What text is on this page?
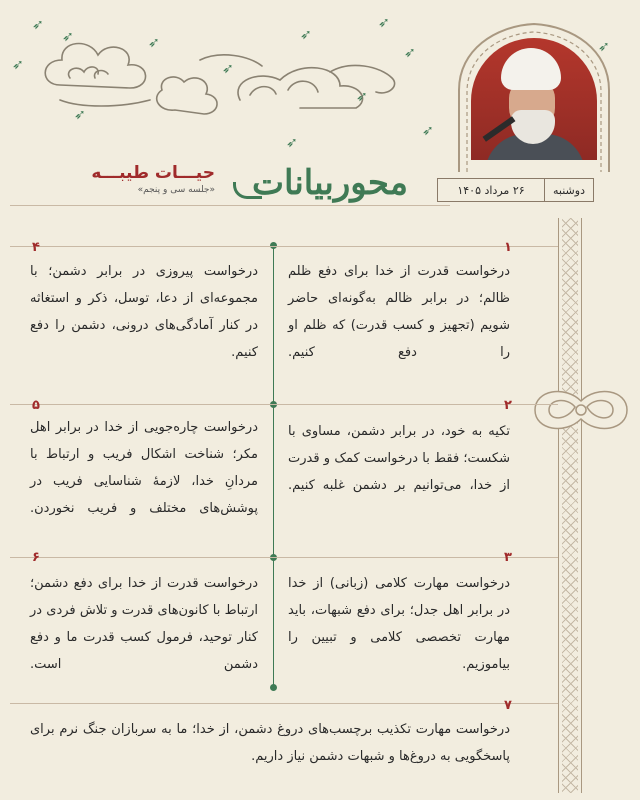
➶
➶
➶
➶
➶
➶
➶
➶
➶
➶
➶
➶
➶
حیـــات طیبـــه
«جلسه سی و پنجم»	محوربیانات	دوشنبه
۲۶ مرداد ۱۴۰۵
۱
درخواست قدرت از خدا برای دفع ظلم ظالم؛ در برابر ظالم به‌گونه‌ای حاضر شویم (تجهیز و کسب قدرت) که ظلم او را دفع کنیم.
۲
تکیه به خود، در برابر دشمن، مساوی با شکست؛ فقط با درخواست کمک و قدرت از خدا، می‌توانیم بر دشمن غلبه کنیم.
۳
درخواست مهارت کلامی (زبانی) از خدا در برابر اهل جدل؛ برای دفع شبهات، باید مهارت تخصصی کلامی و تبیین را بیاموزیم.
۴
درخواست پیروزی در برابر دشمن؛ با مجموعه‌ای از دعا، توسل، ذکر و استغاثه در کنار آمادگی‌های درونی، دشمن را دفع کنیم.
۵
درخواست چاره‌جویی از خدا در برابر اهل مکر؛ شناخت اشکال فریب و ارتباط با مردانِ خدا، لازمهٔ شناسایی فریب در پوشش‌های مختلف و فریب نخوردن.
۶
درخواست قدرت از خدا برای دفع دشمن؛ ارتباط با کانون‌های قدرت و تلاش فردی در کنار توحید، فرمول کسب قدرت ما و دفع دشمن است.
۷
درخواست مهارت تکذیب برچسب‌های دروغ دشمن، از خدا؛ ما به سربازان جنگ نرم برای پاسخگویی به دروغ‌ها و شبهات دشمن نیاز داریم.
